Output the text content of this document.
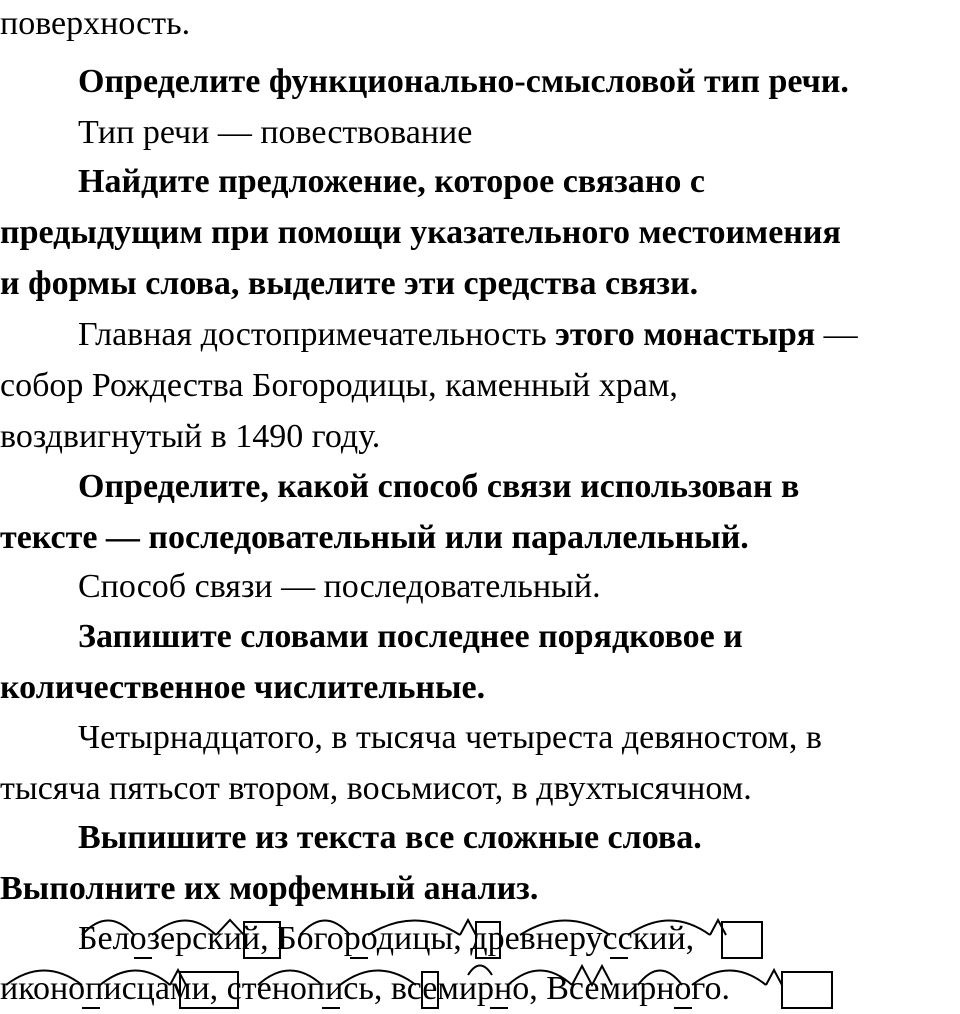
поверхность.
Определите функционально-смысловой тип речи.
Тип речи — повествование
Найдите предложение, которое связано с
предыдущим при помощи указательного местоимения
и формы слова, выделите эти средства связи.
Главная достопримечательность этого монастыря —
собор Рождества Богородицы, каменный храм,
воздвигнутый в 1490 году.
Определите, какой способ связи использован в
тексте — последовательный или параллельный.
Способ связи — последовательный.
Запишите словами последнее порядковое и
количественное числительные.
Четырнадцатого, в тысяча четыреста девяностом, в
тысяча пятьсот втором, восьмисот, в двухтысячном.
Выпишите из текста все сложные слова.
Выполните их морфемный анализ.
Белозерский, Богородицы, древнерусский,
иконописцами, стенопись, всемирно, Всемирного.
